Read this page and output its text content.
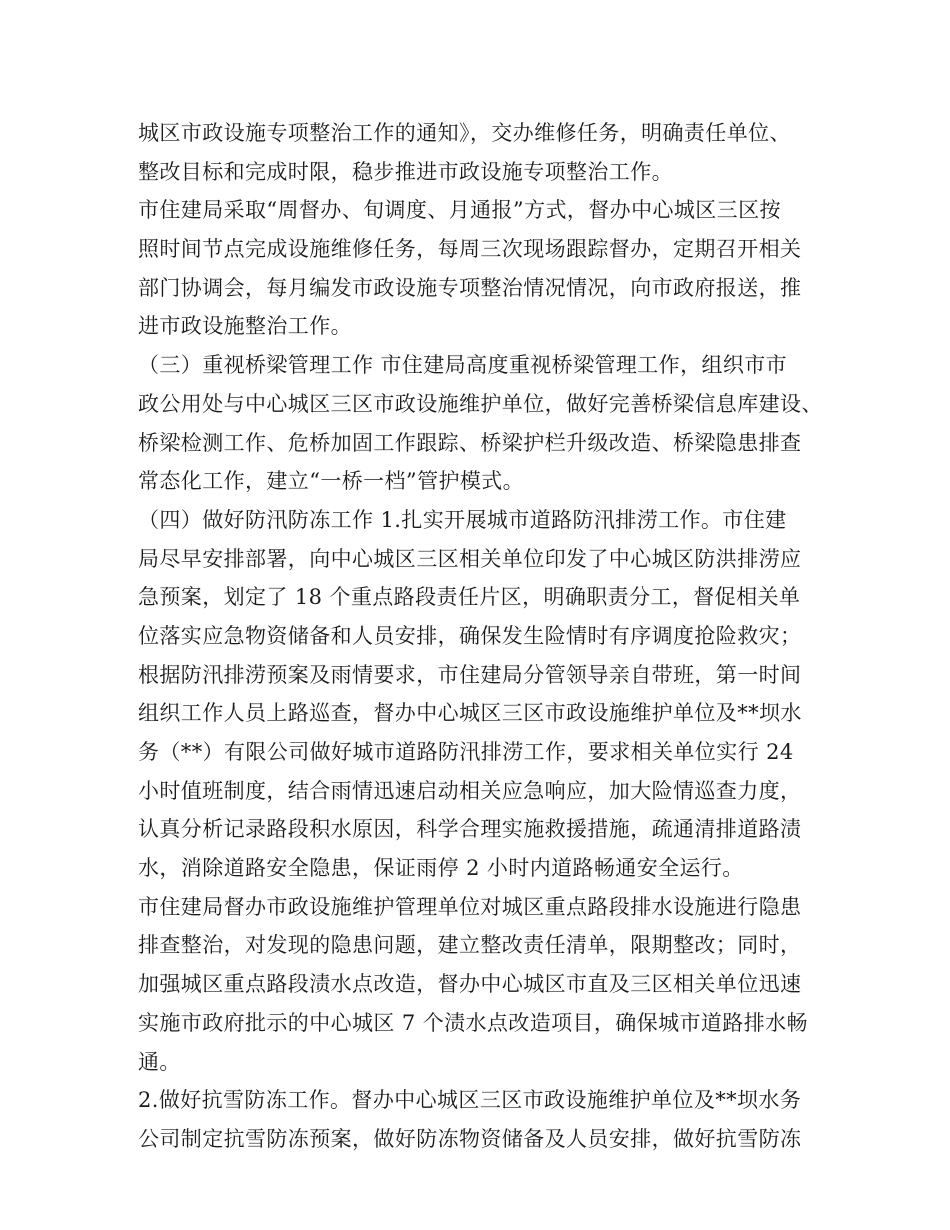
城区市政设施专项整治工作的通知》，交办维修任务，明确责任单位、
整改目标和完成时限，稳步推进市政设施专项整治工作。
市住建局采取“周督办、旬调度、月通报”方式，督办中心城区三区按
照时间节点完成设施维修任务，每周三次现场跟踪督办，定期召开相关
部门协调会，每月编发市政设施专项整治情况情况，向市政府报送，推
进市政设施整治工作。
（三）重视桥梁管理工作 市住建局高度重视桥梁管理工作，组织市市
政公用处与中心城区三区市政设施维护单位，做好完善桥梁信息库建设、
桥梁检测工作、危桥加固工作跟踪、桥梁护栏升级改造、桥梁隐患排查
常态化工作，建立“一桥一档”管护模式。
（四）做好防汛防冻工作 1.扎实开展城市道路防汛排涝工作。市住建
局尽早安排部署，向中心城区三区相关单位印发了中心城区防洪排涝应
急预案，划定了 18 个重点路段责任片区，明确职责分工，督促相关单
位落实应急物资储备和人员安排，确保发生险情时有序调度抢险救灾；
根据防汛排涝预案及雨情要求，市住建局分管领导亲自带班，第一时间
组织工作人员上路巡查，督办中心城区三区市政设施维护单位及**坝水
务（**）有限公司做好城市道路防汛排涝工作，要求相关单位实行 24
小时值班制度，结合雨情迅速启动相关应急响应，加大险情巡查力度，
认真分析记录路段积水原因，科学合理实施救援措施，疏通清排道路渍
水，消除道路安全隐患，保证雨停 2 小时内道路畅通安全运行。
市住建局督办市政设施维护管理单位对城区重点路段排水设施进行隐患
排查整治，对发现的隐患问题，建立整改责任清单，限期整改；同时，
加强城区重点路段渍水点改造，督办中心城区市直及三区相关单位迅速
实施市政府批示的中心城区 7 个渍水点改造项目，确保城市道路排水畅
通。
2.做好抗雪防冻工作。督办中心城区三区市政设施维护单位及**坝水务
公司制定抗雪防冻预案，做好防冻物资储备及人员安排，做好抗雪防冻
